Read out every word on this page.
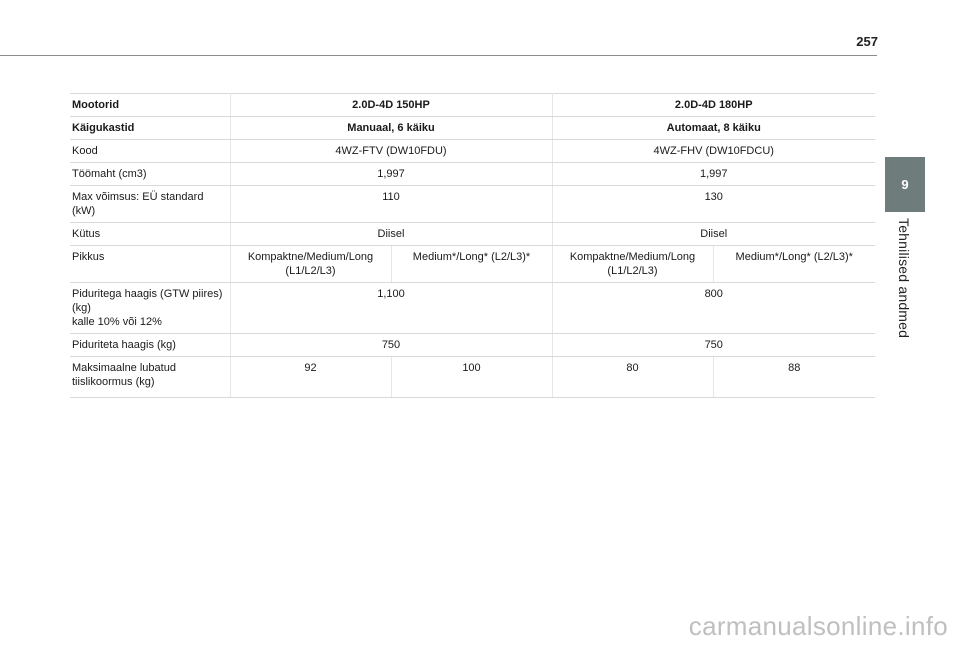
257
9
Tehnilised andmed
Mootorid	2.0D-4D 150HP		2.0D-4D 180HP	
Käigukastid	Manuaal, 6 käiku		Automaat, 8 käiku	
Kood	4WZ-FTV (DW10FDU)		4WZ-FHV (DW10FDCU)	
Töömaht (cm3)	1,997		1,997	
Max võimsus: EÜ standard (kW)	110		130	
Kütus	Diisel		Diisel	
Pikkus	Kompaktne/Medium/Long (L1/L2/L3)	Medium*/Long* (L2/L3)*	Kompaktne/Medium/Long (L1/L2/L3)	Medium*/Long* (L2/L3)*

Piduritega haagis (GTW piires) (kg)
kalle 10% või 12%	1,100		800	
Piduriteta haagis (kg)	750		750	
Maksimaalne lubatud tiislikoormus (kg)	92	100	80	88
carmanualsonline.info
